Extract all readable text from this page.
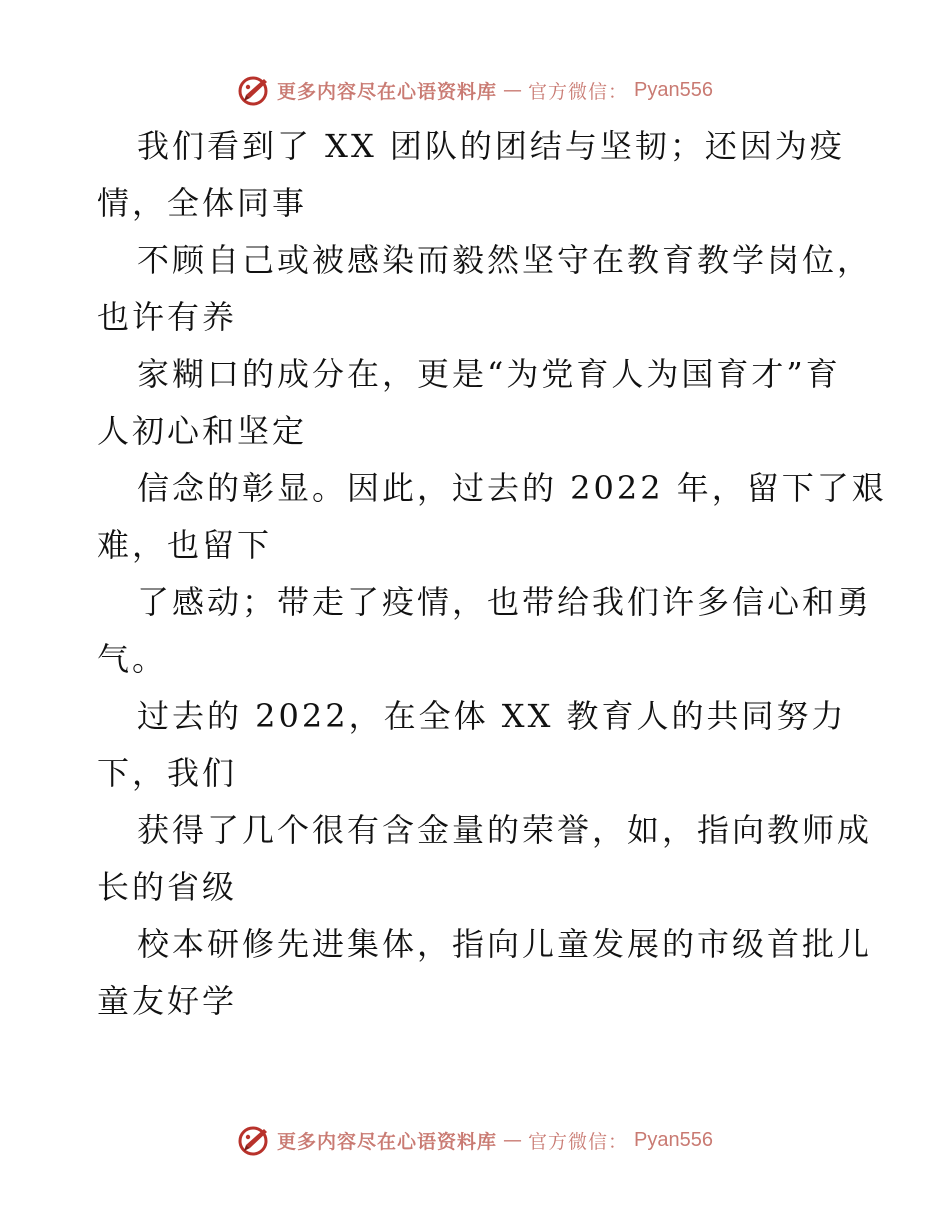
更多内容尽在心语资料库 — 官方微信： Pyan556

我们看到了 XX 团队的团结与坚韧；还因为疫

情，全体同事

不顾自己或被感染而毅然坚守在教育教学岗位，

也许有养

家糊口的成分在，更是“为党育人为国育才”育

人初心和坚定

信念的彰显。因此，过去的 2022 年，留下了艰

难，也留下

了感动；带走了疫情，也带给我们许多信心和勇

气。

过去的 2022，在全体 XX 教育人的共同努力

下，我们

获得了几个很有含金量的荣誉，如，指向教师成

长的省级

校本研修先进集体，指向儿童发展的市级首批儿

童友好学

更多内容尽在心语资料库 — 官方微信： Pyan556
